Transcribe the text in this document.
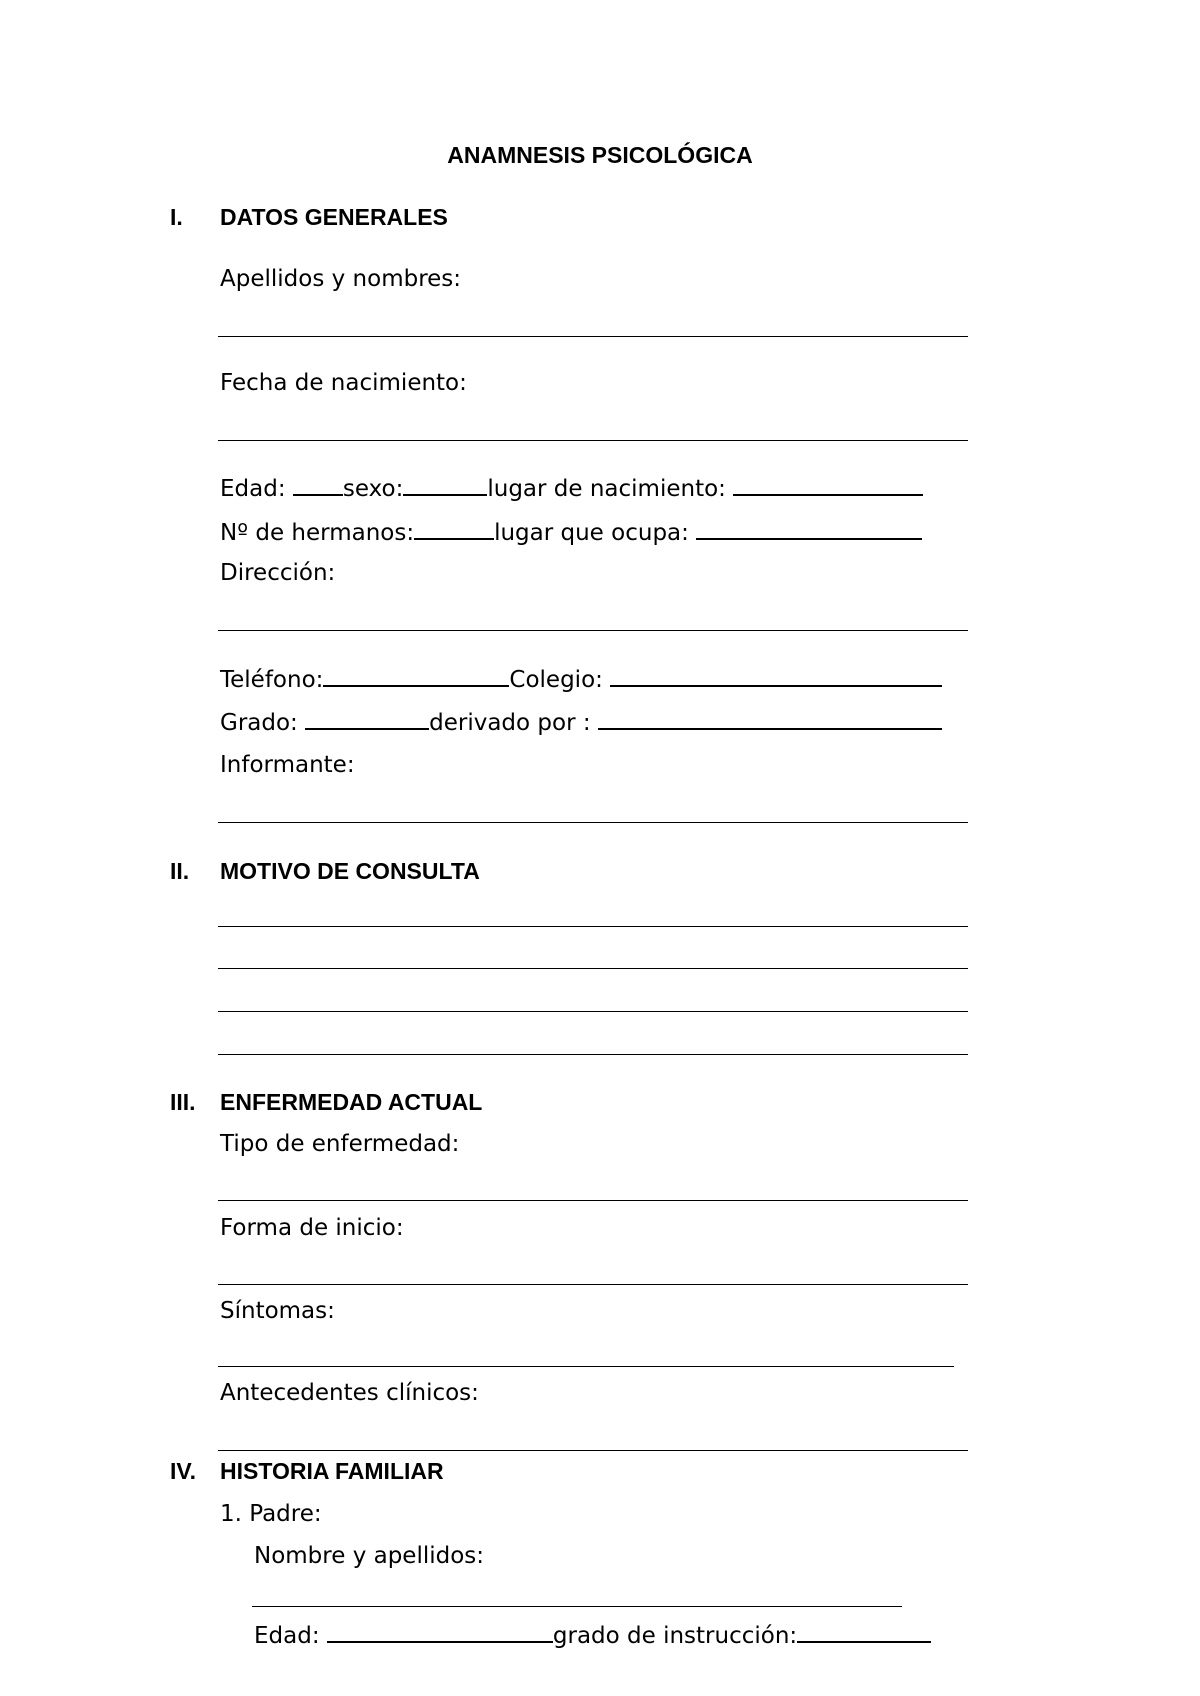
ANAMNESIS PSICOLÓGICA
I. DATOS GENERALES
Apellidos y nombres:
Fecha de nacimiento:
Edad: sexo:	lugar de nacimiento:
Nº de hermanos:	lugar que ocupa:
Dirección:
Teléfono:	Colegio:
Grado:	derivado por :
Informante:
II. MOTIVO DE CONSULTA
III. ENFERMEDAD ACTUAL
Tipo de enfermedad:
Forma de inicio:
Síntomas:
Antecedentes clínicos:
IV. HISTORIA FAMILIAR
1. Padre:
Nombre y apellidos:
Edad:	grado de instrucción:
